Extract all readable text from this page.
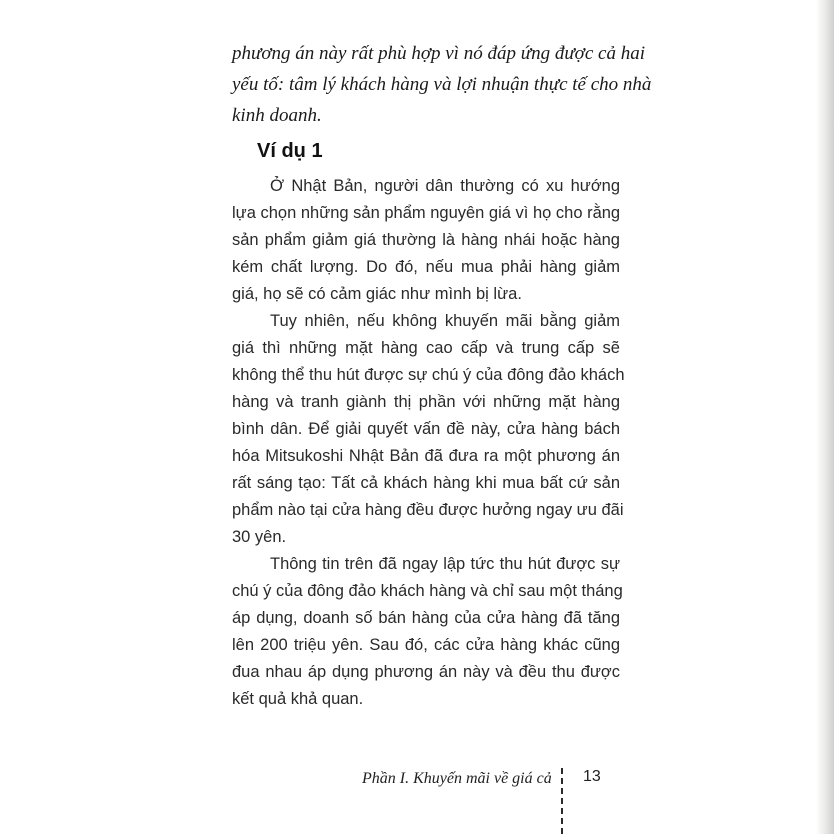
phương án này rất phù hợp vì nó đáp ứng được cả hai
yếu tố: tâm lý khách hàng và lợi nhuận thực tế cho nhà
kinh doanh.
Ví dụ 1
Ở Nhật Bản, người dân thường có xu hướng
lựa chọn những sản phẩm nguyên giá vì họ cho rằng
sản phẩm giảm giá thường là hàng nhái hoặc hàng
kém chất lượng. Do đó, nếu mua phải hàng giảm
giá, họ sẽ có cảm giác như mình bị lừa.
Tuy nhiên, nếu không khuyến mãi bằng giảm
giá thì những mặt hàng cao cấp và trung cấp sẽ
không thể thu hút được sự chú ý của đông đảo khách
hàng và tranh giành thị phần với những mặt hàng
bình dân. Để giải quyết vấn đề này, cửa hàng bách
hóa Mitsukoshi Nhật Bản đã đưa ra một phương án
rất sáng tạo: Tất cả khách hàng khi mua bất cứ sản
phẩm nào tại cửa hàng đều được hưởng ngay ưu đãi
30 yên.
Thông tin trên đã ngay lập tức thu hút được sự
chú ý của đông đảo khách hàng và chỉ sau một tháng
áp dụng, doanh số bán hàng của cửa hàng đã tăng
lên 200 triệu yên. Sau đó, các cửa hàng khác cũng
đua nhau áp dụng phương án này và đều thu được
kết quả khả quan.
Phần I. Khuyến mãi về giá cả 13
